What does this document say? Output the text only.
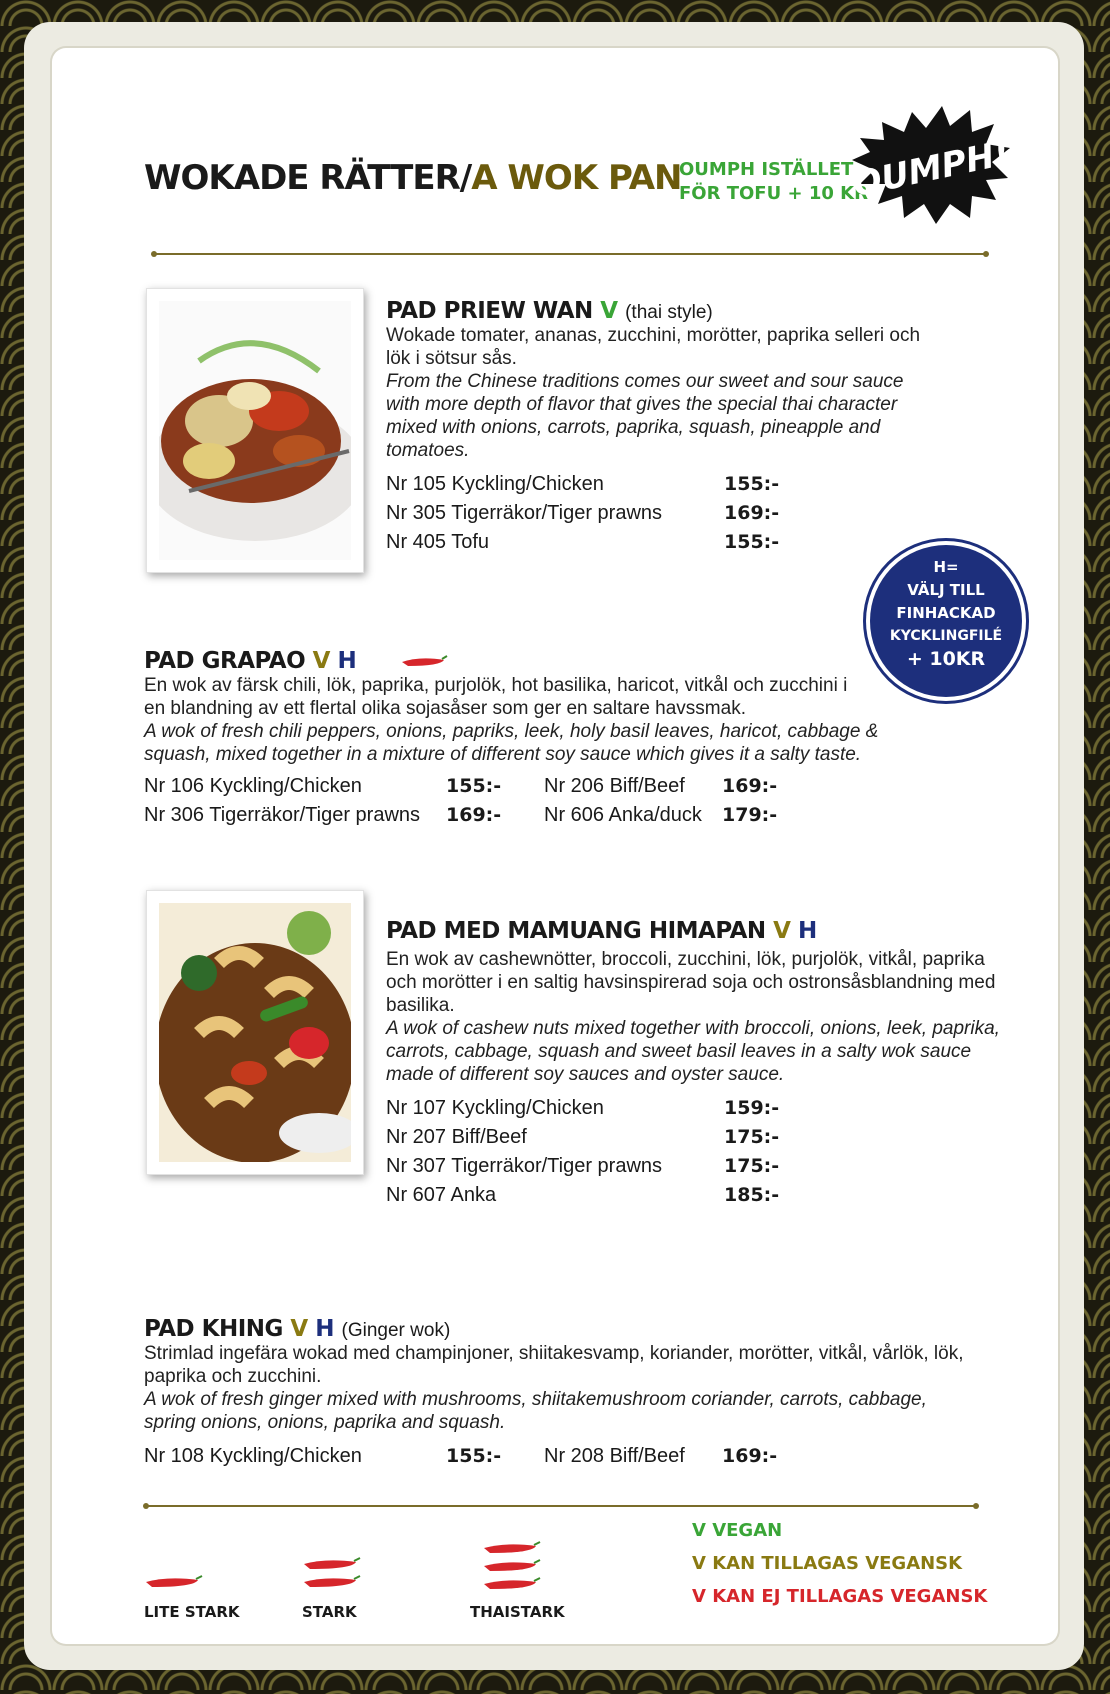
WOKADE RÄTTER/A WOK PAN
OUMPH ISTÄLLET
FÖR TOFU + 10 KR
OUMPH!
PAD PRIEW WAN V (thai style)
Wokade tomater, ananas, zucchini, morötter, paprika selleri och lök i sötsur sås.
From the Chinese traditions comes our sweet and sour sauce with more depth of flavor that gives the special thai character mixed with onions, carrots, paprika, squash, pineapple and tomatoes.
Nr 105 Kyckling/Chicken	155:-
Nr 305 Tigerräkor/Tiger prawns	169:-
Nr 405 Tofu	155:-
H=
VÄLJ TILL
FINHACKAD
KYCKLINGFILÉ
+ 10KR
PAD GRAPAO V H
En wok av färsk chili, lök, paprika, purjolök, hot basilika, haricot, vitkål och zucchini i en blandning av ett flertal olika sojasåser som ger en saltare havssmak.
A wok of fresh chili peppers, onions, papriks, leek, holy basil leaves, haricot, cabbage & squash, mixed together in a mixture of different soy sauce which gives it a salty taste.
Nr 106 Kyckling/Chicken	155:- Nr 206 Biff/Beef 169:-
Nr 306 Tigerräkor/Tiger prawns 169:- Nr 606 Anka/duck 179:-
PAD MED MAMUANG HIMAPAN V H
En wok av cashewnötter, broccoli, zucchini, lök, purjolök, vitkål, paprika och morötter i en saltig havsinspirerad soja och ostronsåsblandning med basilika.
A wok of cashew nuts mixed together with broccoli, onions, leek, paprika, carrots, cabbage, squash and sweet basil leaves in a salty wok sauce made of different soy sauces and oyster sauce.
Nr 107 Kyckling/Chicken	159:-
Nr 207 Biff/Beef	175:-
Nr 307 Tigerräkor/Tiger prawns	175:-
Nr 607 Anka	185:-
PAD KHING V H (Ginger wok)
Strimlad ingefära wokad med champinjoner, shiitakesvamp, koriander, morötter, vitkål, vårlök, lök, paprika och zucchini.
A wok of fresh ginger mixed with mushrooms, shiitakemushroom coriander, carrots, cabbage, spring onions, onions, paprika and squash.
Nr 108 Kyckling/Chicken	155:- Nr 208 Biff/Beef 169:-
LITE STARK	STARK	THAISTARK
V VEGAN
V KAN TILLAGAS VEGANSK
V KAN EJ TILLAGAS VEGANSK
